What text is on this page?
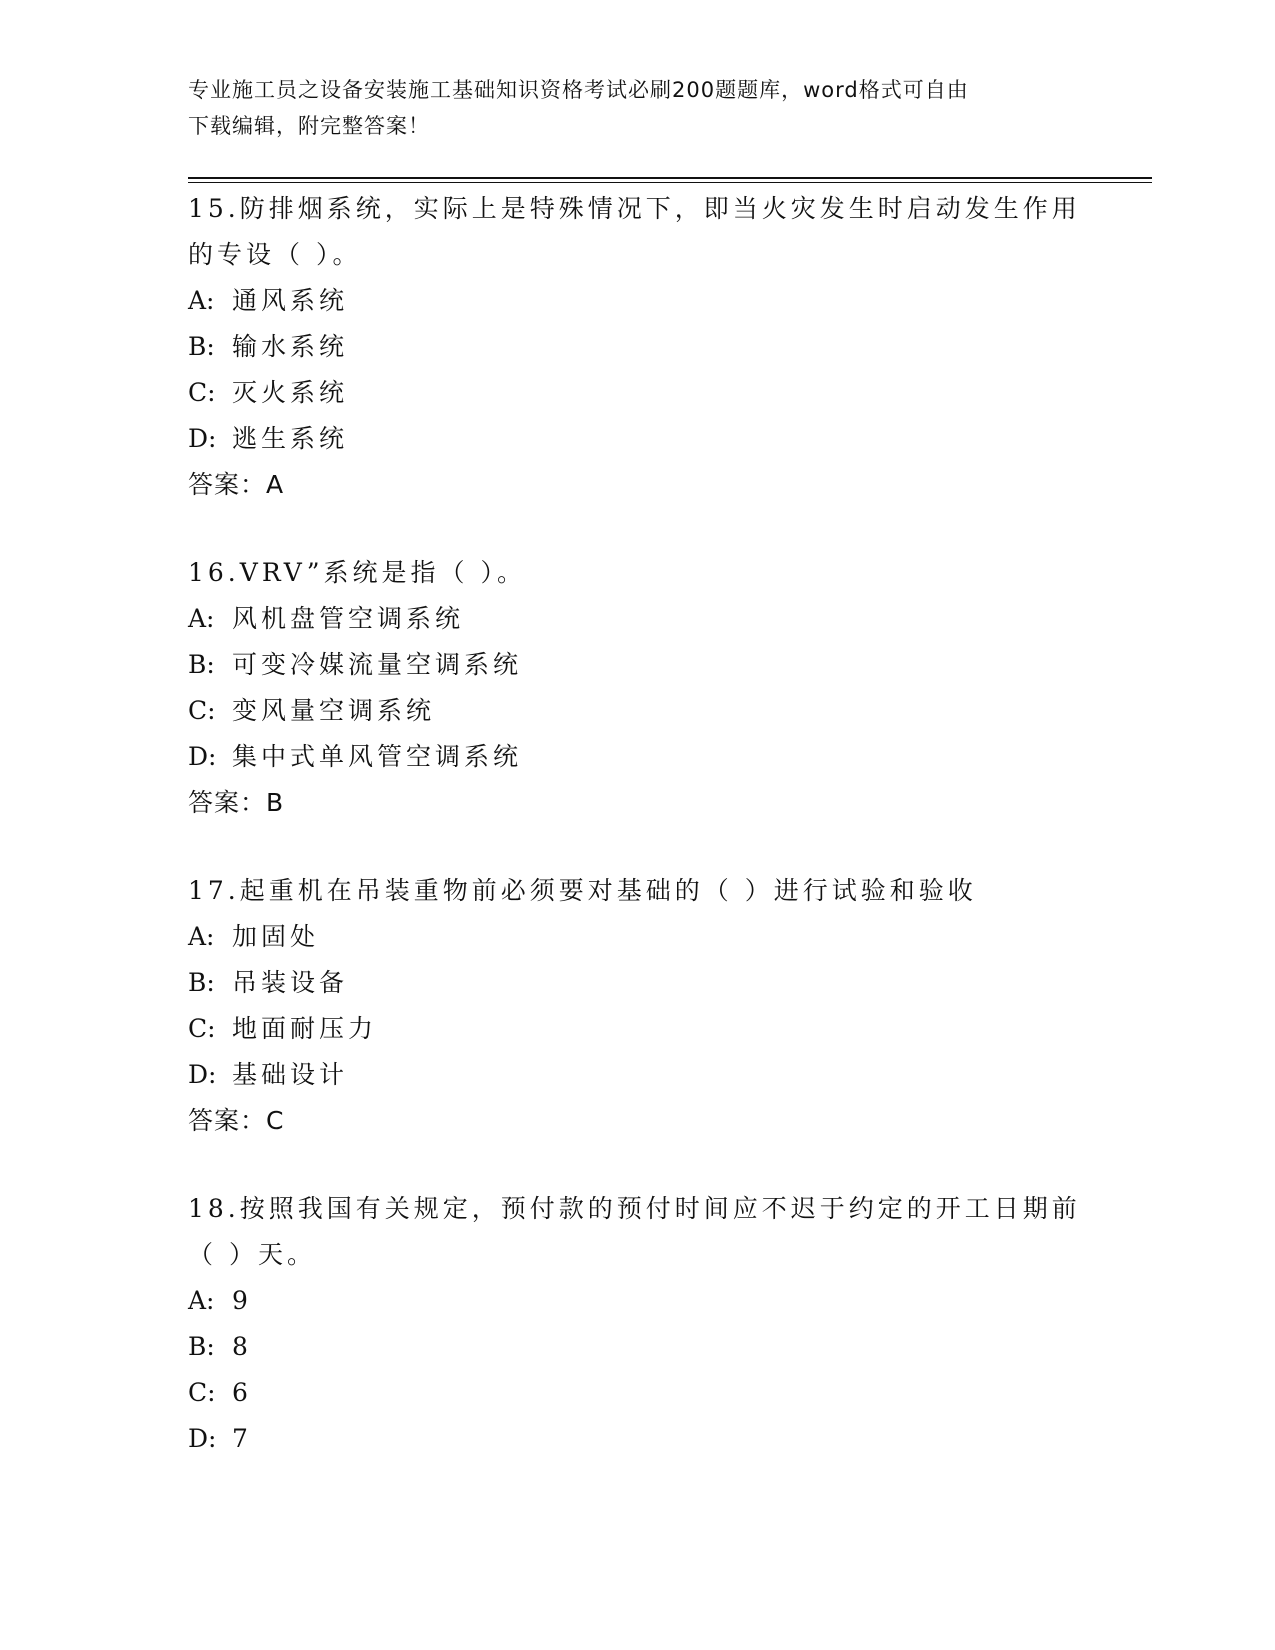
专业施工员之设备安装施工基础知识资格考试必刷200题题库，word格式可自由
下载编辑，附完整答案！
15.防排烟系统，实际上是特殊情况下，即当火灾发生时启动发生作用的专设（ ）。
A: 通风系统
B: 输水系统
C: 灭火系统
D: 逃生系统
答案：A
16.VRV”系统是指（ ）。
A: 风机盘管空调系统
B: 可变冷媒流量空调系统
C: 变风量空调系统
D: 集中式单风管空调系统
答案：B
17.起重机在吊装重物前必须要对基础的（ ）进行试验和验收
A: 加固处
B: 吊装设备
C: 地面耐压力
D: 基础设计
答案：C
18.按照我国有关规定，预付款的预付时间应不迟于约定的开工日期前（ ）天。
A: 9
B: 8
C: 6
D: 7
